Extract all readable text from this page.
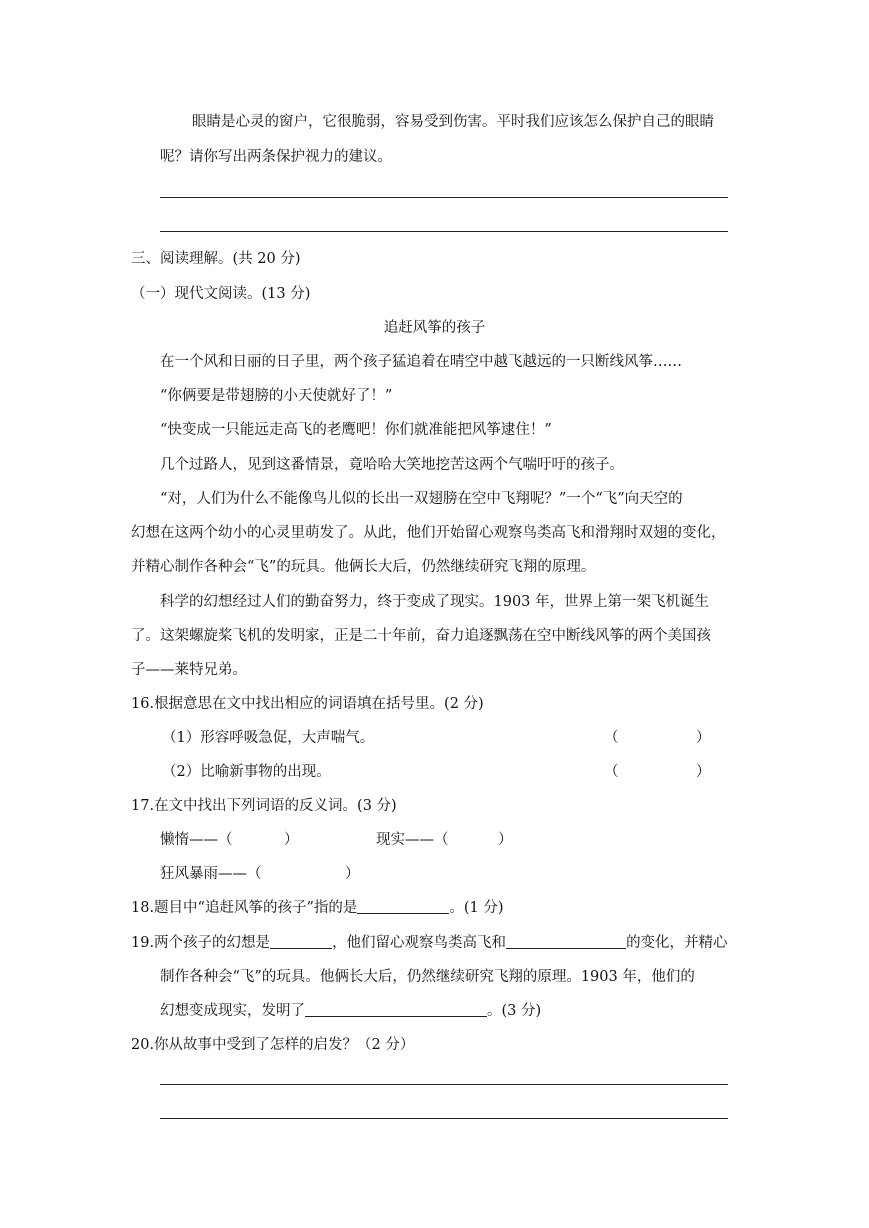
眼睛是心灵的窗户，它很脆弱，容易受到伤害。平时我们应该怎么保护自己的眼睛
呢？请你写出两条保护视力的建议。
三、阅读理解。(共 20 分)
（一）现代文阅读。(13 分)
追赶风筝的孩子
在一个风和日丽的日子里，两个孩子猛追着在晴空中越飞越远的一只断线风筝……
“你俩要是带翅膀的小天使就好了！”
“快变成一只能远走高飞的老鹰吧！你们就准能把风筝逮住！”
几个过路人，见到这番情景，竟哈哈大笑地挖苦这两个气喘吁吁的孩子。
“对，人们为什么不能像鸟儿似的长出一双翅膀在空中飞翔呢？”一个“飞”向天空的
幻想在这两个幼小的心灵里萌发了。从此，他们开始留心观察鸟类高飞和滑翔时双翅的变化，
并精心制作各种会“飞”的玩具。他俩长大后，仍然继续研究飞翔的原理。
科学的幻想经过人们的勤奋努力，终于变成了现实。1903 年，世界上第一架飞机诞生
了。这架螺旋桨飞机的发明家，正是二十年前，奋力追逐飘荡在空中断线风筝的两个美国孩
子——莱特兄弟。
16.根据意思在文中找出相应的词语填在括号里。(2 分)
（1）形容呼吸急促，大声喘气。	（	）
（2）比喻新事物的出现。	（	）
17.在文中找出下列词语的反义词。(3 分)
懒惰——（	）	现实——（	）
狂风暴雨——（	）
18.题目中“追赶风筝的孩子”指的是	。(1 分)
19.两个孩子的幻想是	，他们留心观察鸟类高飞和	的变化，并精心
制作各种会“飞”的玩具。他俩长大后，仍然继续研究飞翔的原理。1903 年，他们的
幻想变成现实，发明了	。(3 分)
20.你从故事中受到了怎样的启发？（2 分）
